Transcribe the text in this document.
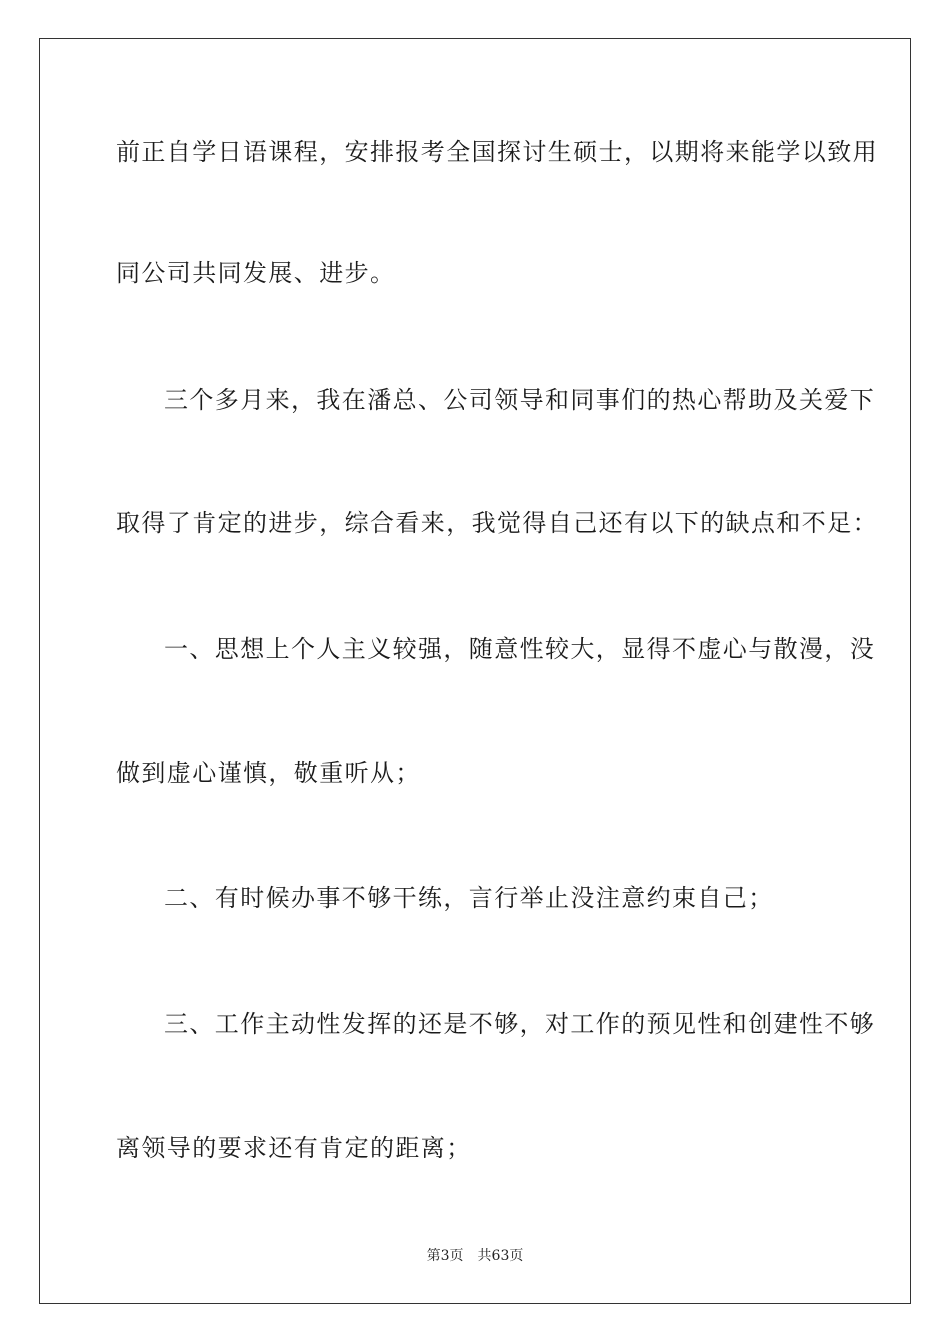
前正自学日语课程，安排报考全国探讨生硕士，以期将来能学以致用

同公司共同发展、进步。

三个多月来，我在潘总、公司领导和同事们的热心帮助及关爱下

取得了肯定的进步，综合看来，我觉得自己还有以下的缺点和不足：

一、思想上个人主义较强，随意性较大，显得不虚心与散漫，没

做到虚心谨慎，敬重听从；

二、有时候办事不够干练，言行举止没注意约束自己；

三、工作主动性发挥的还是不够，对工作的预见性和创建性不够

离领导的要求还有肯定的距离；

第3页 共63页
